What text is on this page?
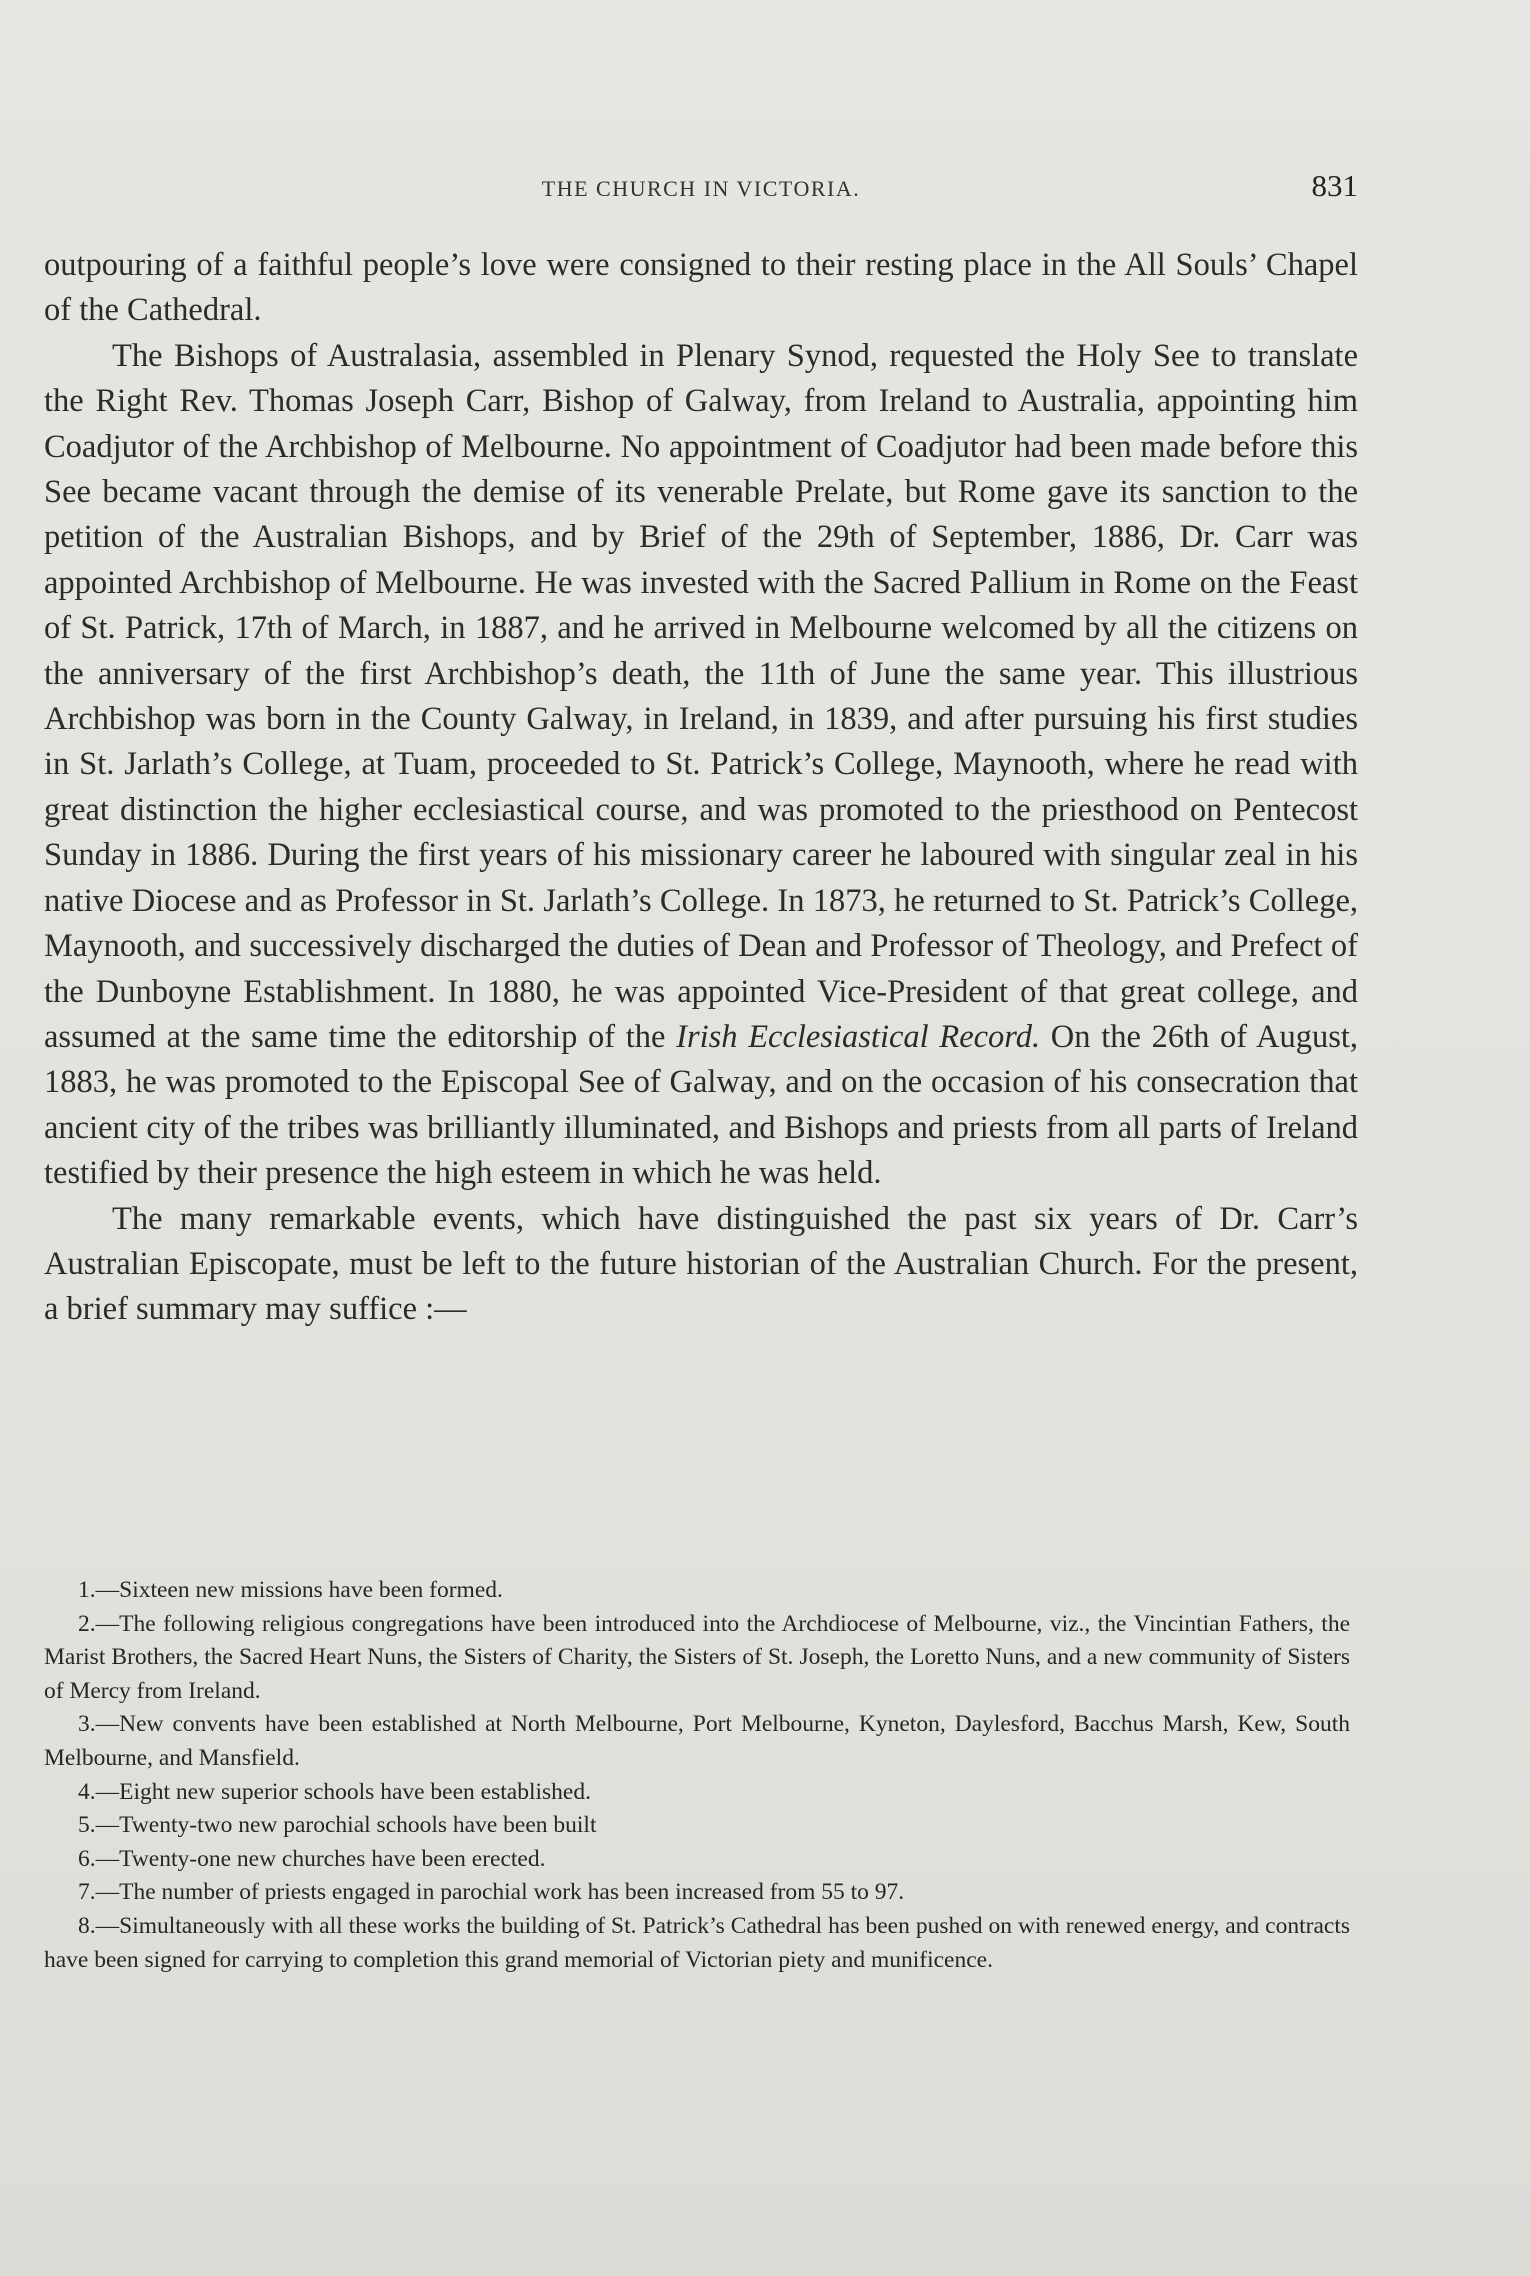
THE CHURCH IN VICTORIA.	831

outpouring of a faithful people’s love were consigned to their resting place in the All Souls’ Chapel of the Cathedral.

The Bishops of Australasia, assembled in Plenary Synod, requested the Holy See to translate the Right Rev. Thomas Joseph Carr, Bishop of Galway, from Ireland to Australia, appointing him Coadjutor of the Archbishop of Melbourne. No appointment of Coadjutor had been made before this See became vacant through the demise of its venerable Prelate, but Rome gave its sanction to the petition of the Australian Bishops, and by Brief of the 29th of September, 1886, Dr. Carr was appointed Archbishop of Melbourne. He was invested with the Sacred Pallium in Rome on the Feast of St. Patrick, 17th of March, in 1887, and he arrived in Melbourne welcomed by all the citizens on the anniversary of the first Archbishop’s death, the 11th of June the same year. This illustrious Archbishop was born in the County Galway, in Ireland, in 1839, and after pursuing his first studies in St. Jarlath’s College, at Tuam, proceeded to St. Patrick’s College, Maynooth, where he read with great distinction the higher ecclesiastical course, and was promoted to the priesthood on Pentecost Sunday in 1886. During the first years of his missionary career he laboured with singular zeal in his native Diocese and as Professor in St. Jarlath’s College. In 1873, he returned to St. Patrick’s College, Maynooth, and successively discharged the duties of Dean and Professor of Theology, and Prefect of the Dunboyne Establishment. In 1880, he was appointed Vice-President of that great college, and assumed at the same time the editorship of the Irish Ecclesiastical Record. On the 26th of August, 1883, he was promoted to the Episcopal See of Galway, and on the occasion of his consecration that ancient city of the tribes was brilliantly illuminated, and Bishops and priests from all parts of Ireland testified by their presence the high esteem in which he was held.

The many remarkable events, which have distinguished the past six years of Dr. Carr’s Australian Episcopate, must be left to the future historian of the Australian Church. For the present, a brief summary may suffice :—

1.—Sixteen new missions have been formed.

2.—The following religious congregations have been introduced into the Archdiocese of Melbourne, viz., the Vincintian Fathers, the Marist Brothers, the Sacred Heart Nuns, the Sisters of Charity, the Sisters of St. Joseph, the Loretto Nuns, and a new community of Sisters of Mercy from Ireland.

3.—New convents have been established at North Melbourne, Port Melbourne, Kyneton, Daylesford, Bacchus Marsh, Kew, South Melbourne, and Mansfield.

4.—Eight new superior schools have been established.

5.—Twenty-two new parochial schools have been built

6.—Twenty-one new churches have been erected.

7.—The number of priests engaged in parochial work has been increased from 55 to 97.

8.—Simultaneously with all these works the building of St. Patrick’s Cathedral has been pushed on with renewed energy, and contracts have been signed for carrying to completion this grand memorial of Victorian piety and munificence.
